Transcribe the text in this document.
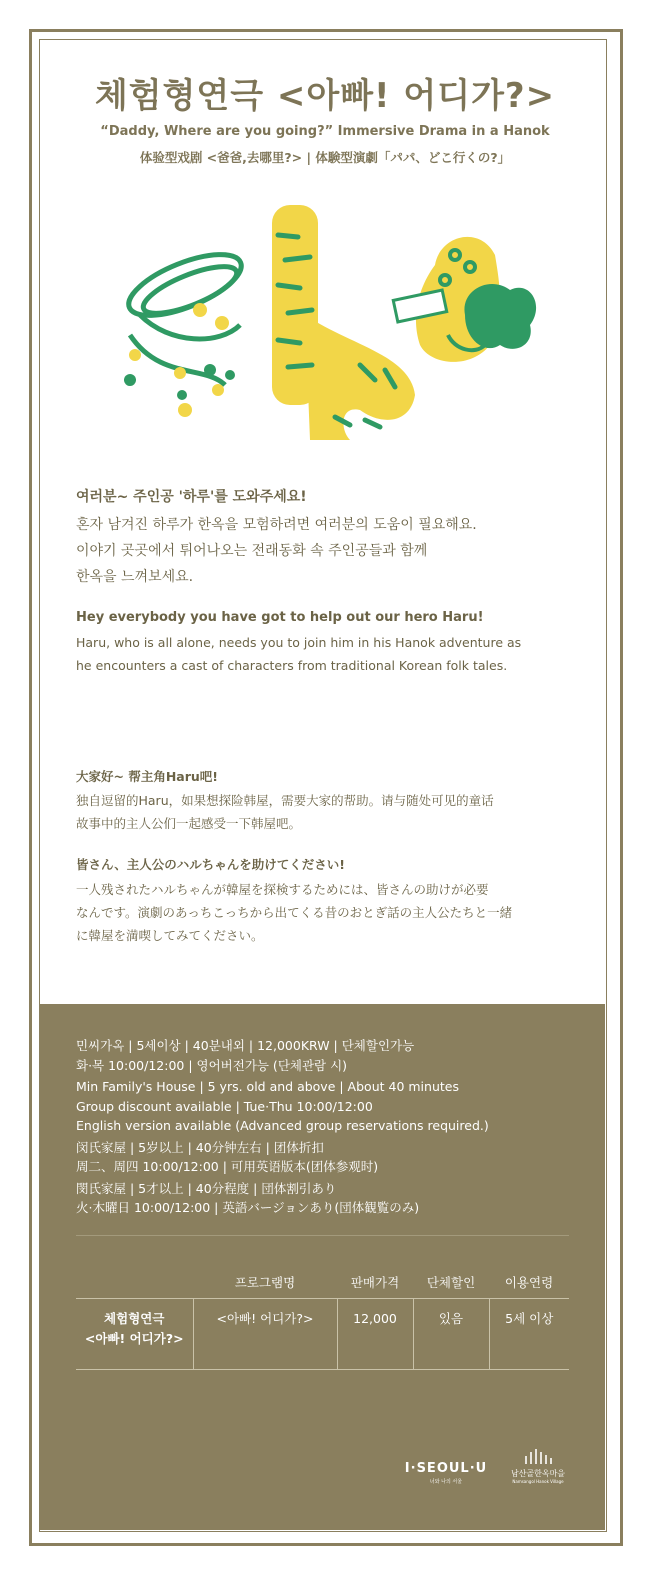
체험형연극 <아빠! 어디가?>
“Daddy, Where are you going?” Immersive Drama in a Hanok
体验型戏剧 <爸爸,去哪里?> | 体験型演劇「パパ、どこ行くの?」
여러분~ 주인공 '하루'를 도와주세요!
혼자 남겨진 하루가 한옥을 모험하려면 여러분의 도움이 필요해요.
이야기 곳곳에서 튀어나오는 전래동화 속 주인공들과 함께
한옥을 느껴보세요.
Hey everybody you have got to help out our hero Haru!
Haru, who is all alone, needs you to join him in his Hanok adventure as
he encounters a cast of characters from traditional Korean folk tales.
大家好~ 帮主角Haru吧!
独自逗留的Haru，如果想探险韩屋，需要大家的帮助。请与随处可见的童话
故事中的主人公们一起感受一下韩屋吧。
皆さん、主人公のハルちゃんを助けてください!
一人残されたハルちゃんが韓屋を探検するためには、皆さんの助けが必要
なんです。演劇のあっちこっちから出てくる昔のおとぎ話の主人公たちと一緒
に韓屋を満喫してみてください。
민씨가옥 | 5세이상 | 40분내외 | 12,000KRW | 단체할인가능
화·목 10:00/12:00 | 영어버전가능 (단체관람 시)
Min Family's House | 5 yrs. old and above | About 40 minutes
Group discount available | Tue·Thu 10:00/12:00
English version available (Advanced group reservations required.)
闵氏家屋 | 5岁以上 | 40分钟左右 | 团体折扣
周二、周四 10:00/12:00 | 可用英语版本(团体参观时)
閔氏家屋 | 5才以上 | 40分程度 | 団体割引あり
火·木曜日 10:00/12:00 | 英語バージョンあり(団体観覧のみ)
	프로그램명	판매가격	단체할인	이용연령

체험형연극
<아빠! 어디가?>	<아빠! 어디가?>	12,000	있음	5세 이상
I·SEOUL·U
너와 나의 서울
남산골한옥마을
Namsangol Hanok Village
